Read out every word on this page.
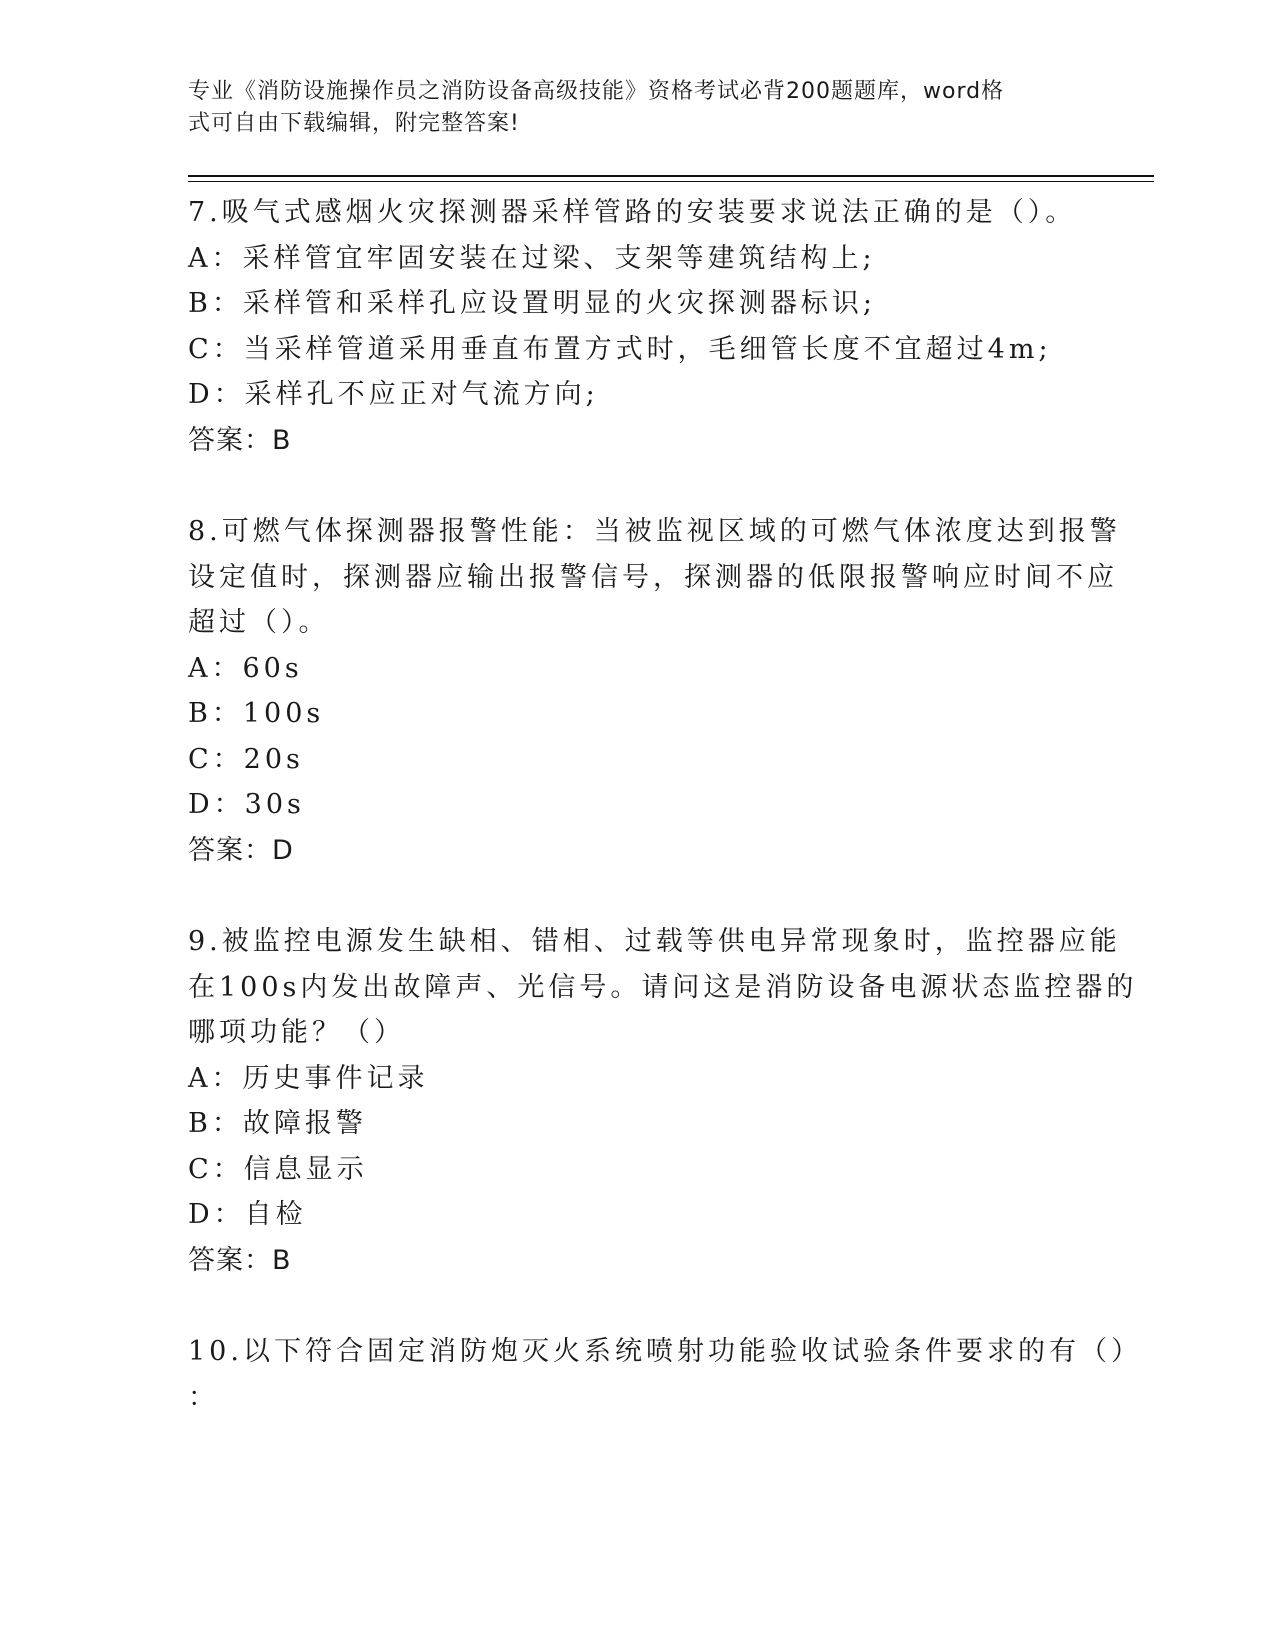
专业《消防设施操作员之消防设备高级技能》资格考试必背200题题库，word格
式可自由下载编辑，附完整答案!
7.吸气式感烟火灾探测器采样管路的安装要求说法正确的是（）。
A：采样管宜牢固安装在过梁、支架等建筑结构上;
B：采样管和采样孔应设置明显的火灾探测器标识;
C：当采样管道采用垂直布置方式时，毛细管长度不宜超过4m;
D：采样孔不应正对气流方向;
答案：B
8.可燃气体探测器报警性能：当被监视区域的可燃气体浓度达到报警
设定值时，探测器应输出报警信号，探测器的低限报警响应时间不应
超过（）。
A：60s
B：100s
C：20s
D：30s
答案：D
9.被监控电源发生缺相、错相、过载等供电异常现象时，监控器应能
在100s内发出故障声、光信号。请问这是消防设备电源状态监控器的
哪项功能？（）
A：历史事件记录
B：故障报警
C：信息显示
D：自检
答案：B
10.以下符合固定消防炮灭火系统喷射功能验收试验条件要求的有（）
：
